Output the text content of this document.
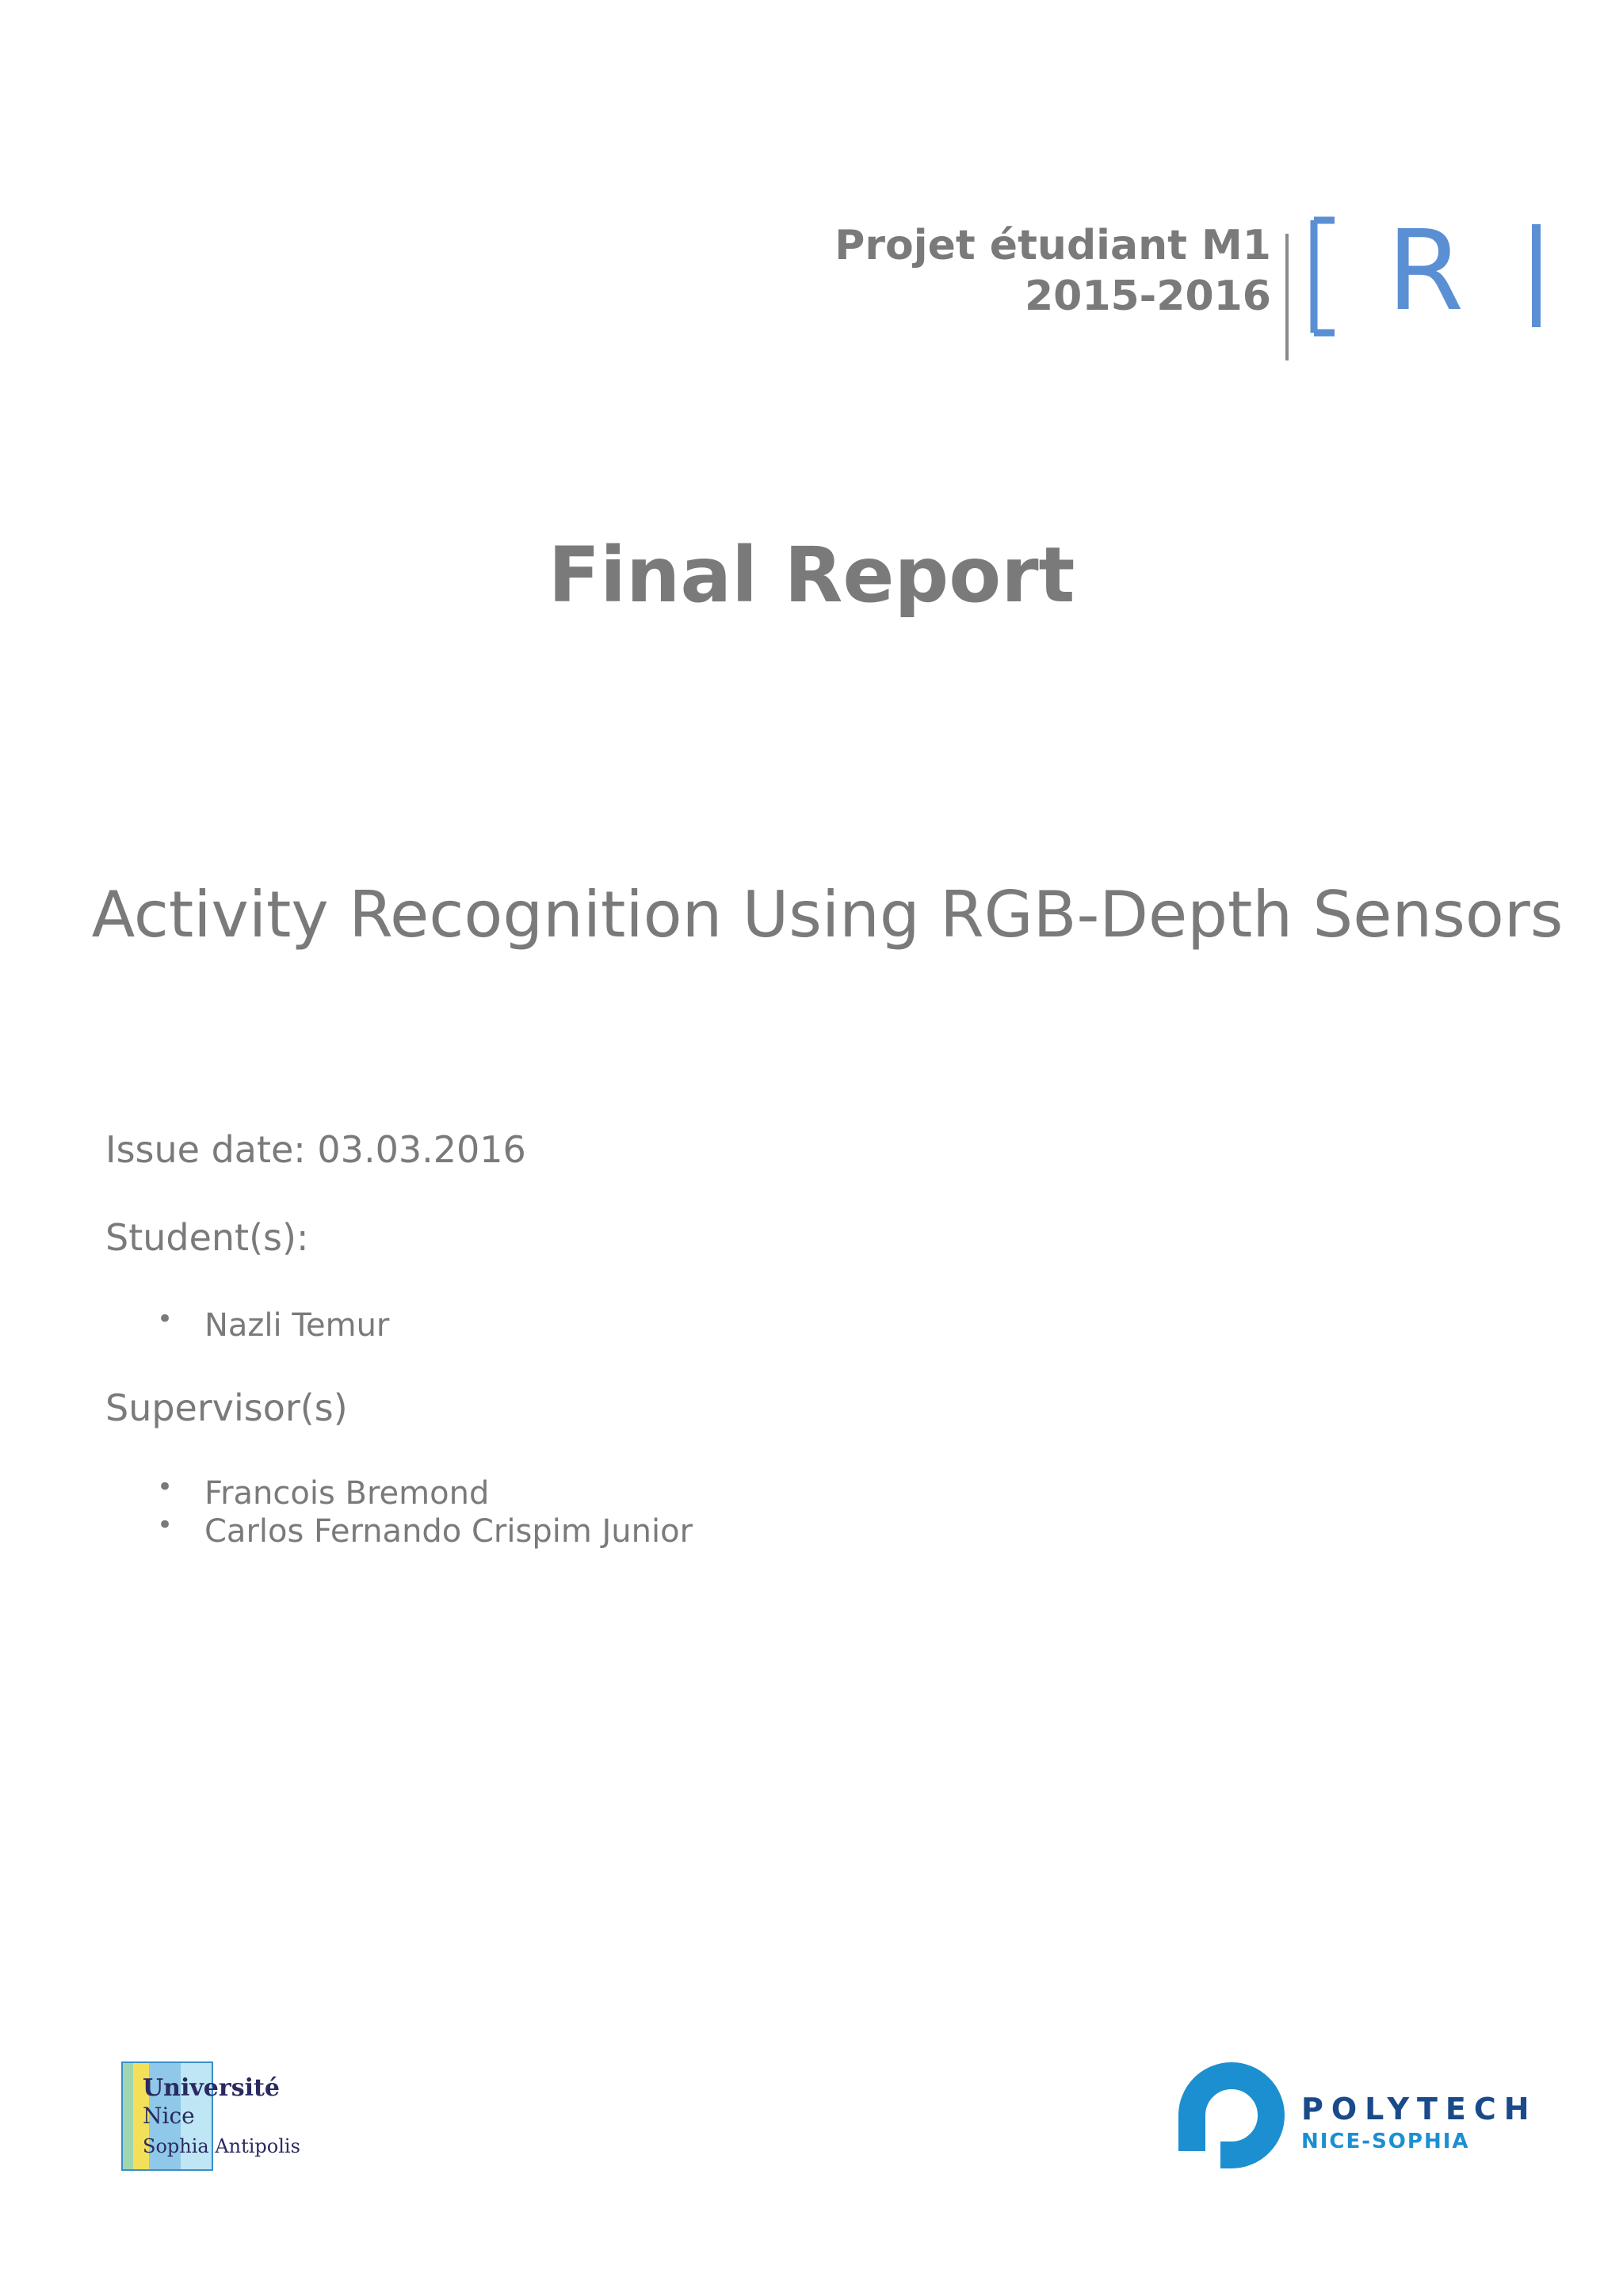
Projet étudiant M1
2015-2016 R
Final Report
Activity Recognition Using RGB-Depth Sensors
Issue date: 03.03.2016
Student(s):
• Nazli Temur
Supervisor(s)
• Francois Bremond
• Carlos Fernando Crispim Junior
Université
Nice
Sophia Antipolis
POLYTECH
NICE-SOPHIA
